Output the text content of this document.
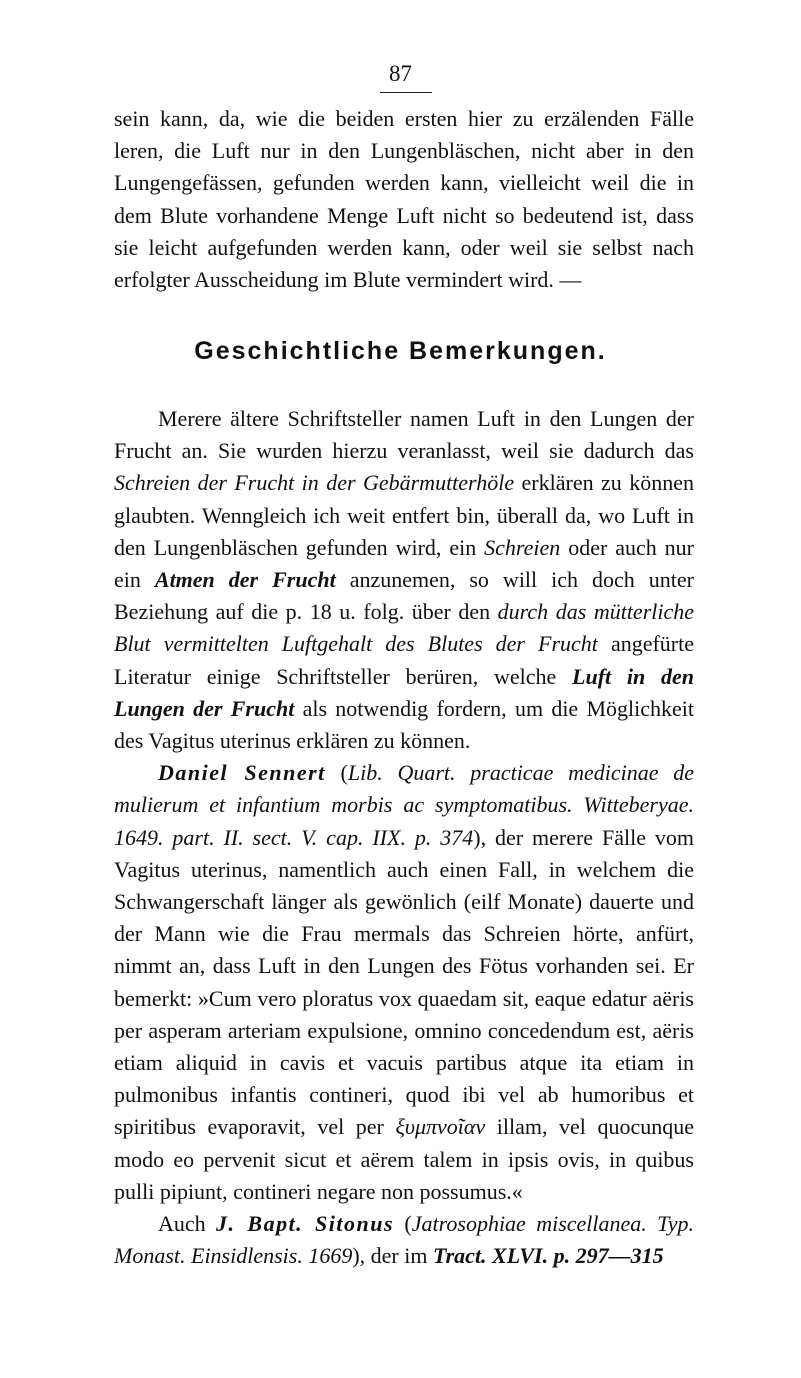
87
sein kann, da, wie die beiden ersten hier zu erzälenden Fälle leren, die Luft nur in den Lungenbläschen, nicht aber in den Lungengefässen, gefunden werden kann, vielleicht weil die in dem Blute vorhandene Menge Luft nicht so bedeutend ist, dass sie leicht aufgefunden werden kann, oder weil sie selbst nach erfolgter Ausscheidung im Blute vermindert wird. —
Geschichtliche Bemerkungen.

Merere ältere Schriftsteller namen Luft in den Lungen der Frucht an. Sie wurden hierzu veranlasst, weil sie dadurch das Schreien der Frucht in der Gebärmutterhöle erklären zu können glaubten. Wenngleich ich weit entfert bin, überall da, wo Luft in den Lungenbläschen gefunden wird, ein Schreien oder auch nur ein Atmen der Frucht anzunemen, so will ich doch unter Beziehung auf die p. 18 u. folg. über den durch das mütterliche Blut vermittelten Luftgehalt des Blutes der Frucht angefürte Literatur einige Schriftsteller berüren, welche Luft in den Lungen der Frucht als notwendig fordern, um die Möglichkeit des Vagitus uterinus erklären zu können.

Daniel Sennert (Lib. Quart. practicae medicinae de mulierum et infantium morbis ac symptomatibus. Witteberyae. 1649. part. II. sect. V. cap. IIX. p. 374), der merere Fälle vom Vagitus uterinus, namentlich auch einen Fall, in welchem die Schwangerschaft länger als gewönlich (eilf Monate) dauerte und der Mann wie die Frau mermals das Schreien hörte, anfürt, nimmt an, dass Luft in den Lungen des Fötus vorhanden sei. Er bemerkt: »Cum vero ploratus vox quaedam sit, eaque edatur aëris per asperam arteriam expulsione, omnino concedendum est, aëris etiam aliquid in cavis et vacuis partibus atque ita etiam in pulmonibus infantis contineri, quod ibi vel ab humoribus et spiritibus evaporavit, vel per ξυμπνοῖαν illam, vel quocunque modo eo pervenit sicut et aërem talem in ipsis ovis, in quibus pulli pipiunt, contineri negare non possumus.«

Auch J. Bapt. Sitonus (Jatrosophiae miscellanea. Typ. Monast. Einsidlensis. 1669), der im Tract. XLVI. p. 297—315
